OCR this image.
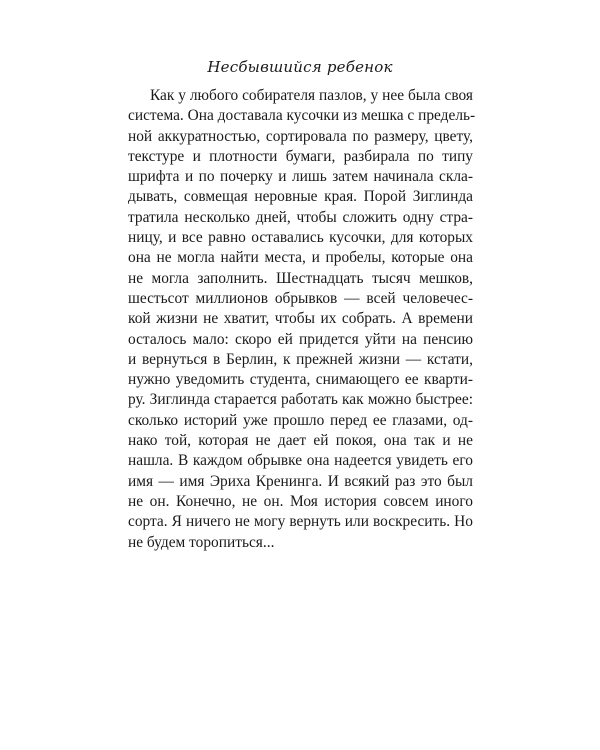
Несбывшийся ребенок
Как у любого собирателя пазлов, у нее была своя
система. Она доставала кусочки из мешка с предель-
ной аккуратностью, сортировала по размеру, цвету,
текстуре и плотности бумаги, разбирала по типу
шрифта и по почерку и лишь затем начинала скла-
дывать, совмещая неровные края. Порой Зиглинда
тратила несколько дней, чтобы сложить одну стра-
ницу, и все равно оставались кусочки, для которых
она не могла найти места, и пробелы, которые она
не могла заполнить. Шестнадцать тысяч мешков,
шестьсот миллионов обрывков — всей человечес-
кой жизни не хватит, чтобы их собрать. А времени
осталось мало: скоро ей придется уйти на пенсию
и вернуться в Берлин, к прежней жизни — кстати,
нужно уведомить студента, снимающего ее кварти-
ру. Зиглинда старается работать как можно быстрее:
сколько историй уже прошло перед ее глазами, од-
нако той, которая не дает ей покоя, она так и не
нашла. В каждом обрывке она надеется увидеть его
имя — имя Эриха Кренинга. И всякий раз это был
не он. Конечно, не он. Моя история совсем иного
сорта. Я ничего не могу вернуть или воскресить. Но
не будем торопиться...
